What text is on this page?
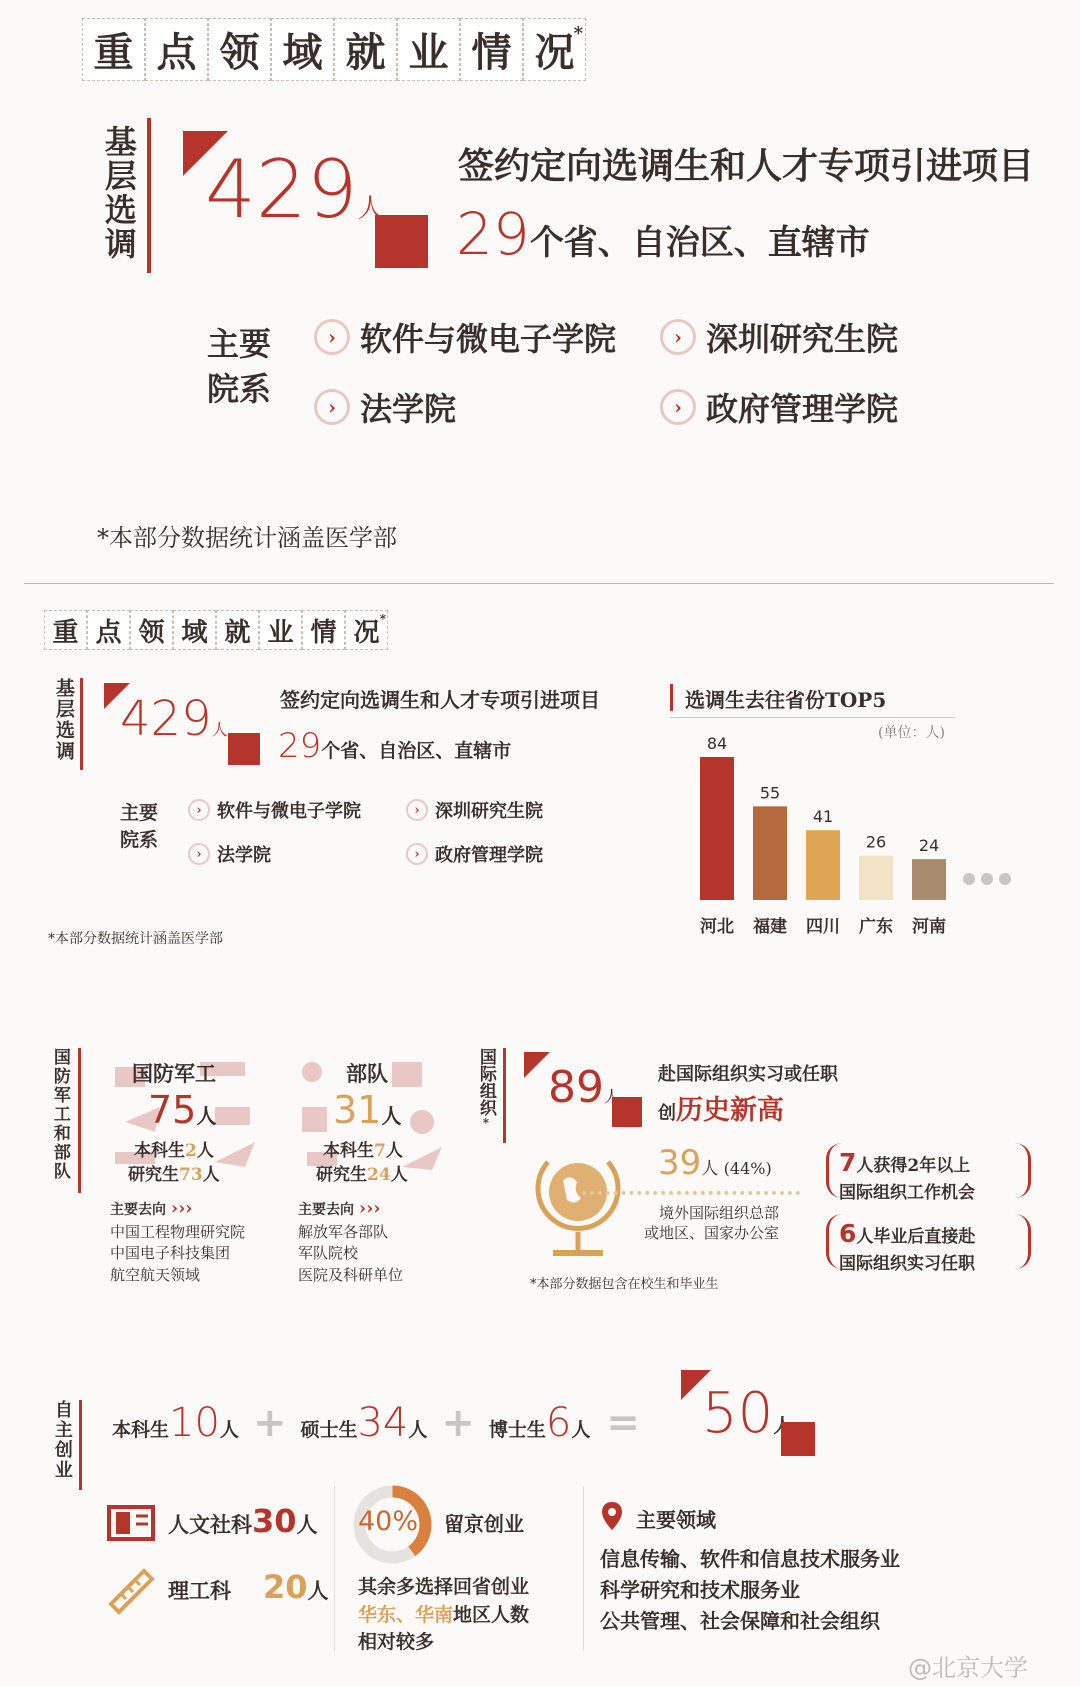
重 点 领 域 就 业 情 况 *
基层选调 429人
签约定向选调生和人才专项引进项目
29个省、自治区、直辖市
主要
院系
› 软件与微电子学院	› 深圳研究生院
› 法学院	› 政府管理学院
*本部分数据统计涵盖医学部
重 点 领 域 就 业 情 况 *
基层选调 429人
签约定向选调生和人才专项引进项目
29个省、自治区、直辖市
主要
院系
› 软件与微电子学院	› 深圳研究生院
› 法学院	› 政府管理学院
*本部分数据统计涵盖医学部
选调生去往省份TOP5
(单位：人)
84
河北
55
福建
41
四川
26
广东
24
河南
国防军工和部队	国防军工
75人
本科生2人
研究生73人
部队
31人
本科生7人
研究生24人
主要去向 ›››
中国工程物理研究院
中国电子科技集团
航空航天领域
主要去向 ›››
解放军各部队
军队院校
医院及科研单位
国际组织*
89人
赴国际组织实习或任职
创历史新高
39人 (44%)
境外国际组织总部
或地区、国家办公室
*本部分数据包含在校生和毕业生
7人获得2年以上
国际组织工作机会
6人毕业后直接赴
国际组织实习任职
自主创业 本科生 10 人 + 硕士生 34 人 + 博士生 6 人 = 50人
人文社科30人
理工科 20人
40% 留京创业
其余多选择回省创业
华东、华南地区人数
相对较多
主要领域
信息传输、软件和信息技术服务业
科学研究和技术服务业
公共管理、社会保障和社会组织
@北京大学
